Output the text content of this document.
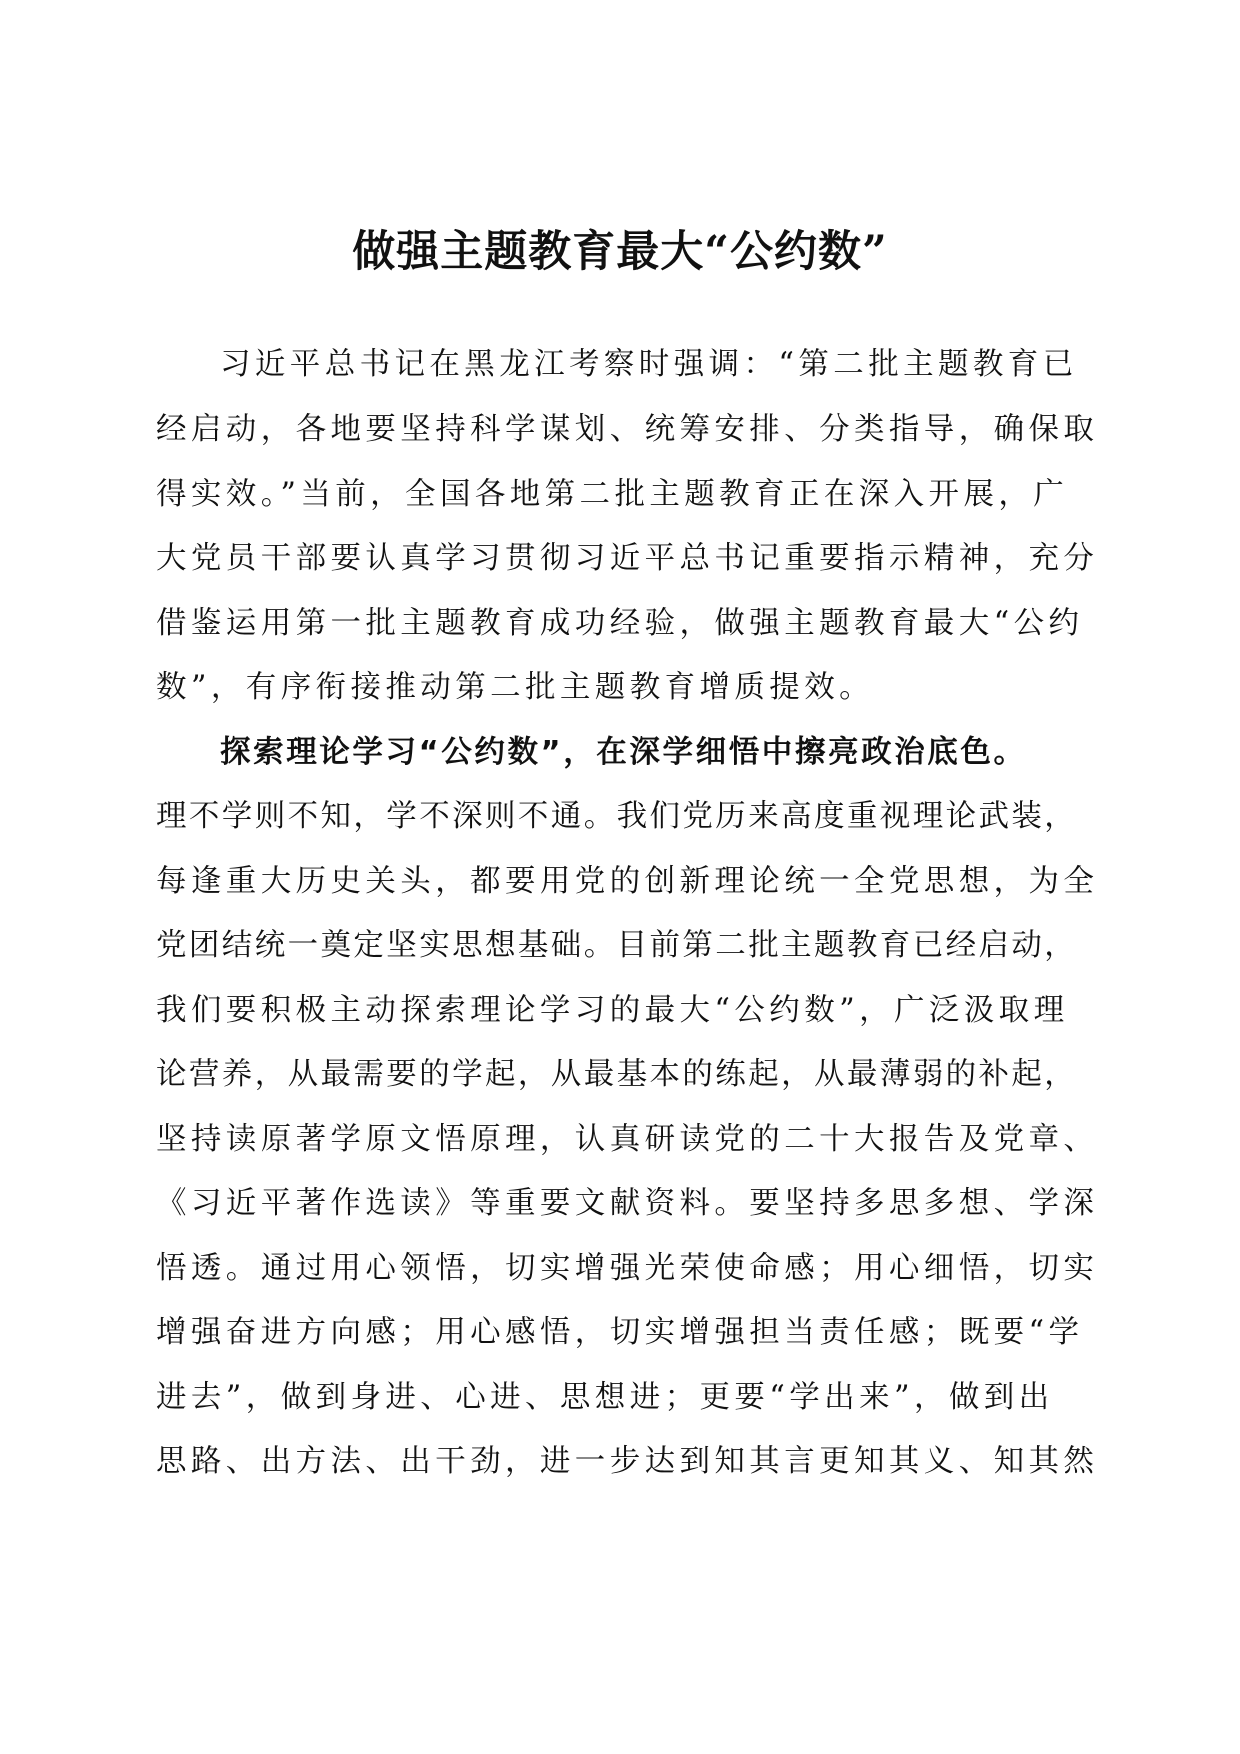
做强主题教育最大“公约数”

习近平总书记在黑龙江考察时强调：“第二批主题教育已

经启动，各地要坚持科学谋划、统筹安排、分类指导，确保取

得实效。”当前，全国各地第二批主题教育正在深入开展，广

大党员干部要认真学习贯彻习近平总书记重要指示精神，充分

借鉴运用第一批主题教育成功经验，做强主题教育最大“公约

数”，有序衔接推动第二批主题教育增质提效。

探索理论学习“公约数”，在深学细悟中擦亮政治底色。

理不学则不知，学不深则不通。我们党历来高度重视理论武装，

每逢重大历史关头，都要用党的创新理论统一全党思想，为全

党团结统一奠定坚实思想基础。目前第二批主题教育已经启动，

我们要积极主动探索理论学习的最大“公约数”，广泛汲取理

论营养，从最需要的学起，从最基本的练起，从最薄弱的补起，

坚持读原著学原文悟原理，认真研读党的二十大报告及党章、

《习近平著作选读》等重要文献资料。要坚持多思多想、学深

悟透。通过用心领悟，切实增强光荣使命感；用心细悟，切实

增强奋进方向感；用心感悟，切实增强担当责任感；既要“学

进去”，做到身进、心进、思想进；更要“学出来”，做到出

思路、出方法、出干劲，进一步达到知其言更知其义、知其然
